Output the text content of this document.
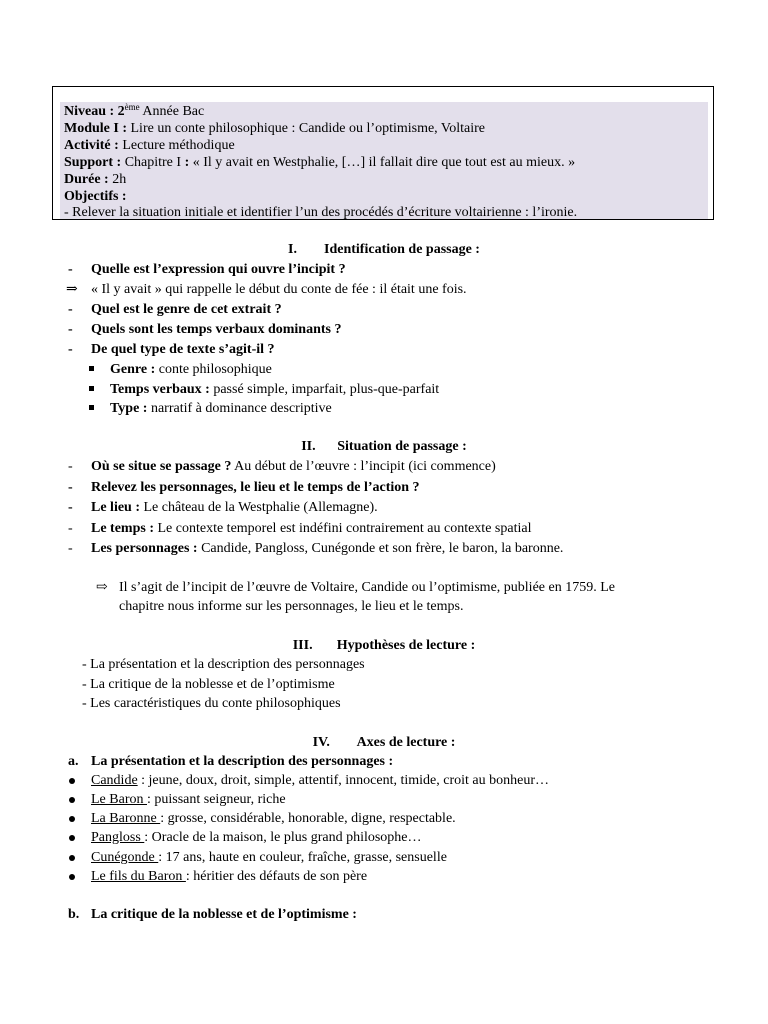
Niveau : 2ème Année Bac
Module I : Lire un conte philosophique : Candide ou l’optimisme, Voltaire
Activité : Lecture méthodique
Support : Chapitre I : « Il y avait en Westphalie, […] il fallait dire que tout est au mieux. »
Durée : 2h
Objectifs :
- Relever la situation initiale et identifier l’un des procédés d’écriture voltairienne : l’ironie.
I. Identification de passage :
- Quelle est l’expression qui ouvre l’incipit ?
⇒ « Il y avait » qui rappelle le début du conte de fée : il était une fois.
- Quel est le genre de cet extrait ?
- Quels sont les temps verbaux dominants ?
- De quel type de texte s’agit-il ?
Genre : conte philosophique
Temps verbaux : passé simple, imparfait, plus-que-parfait
Type : narratif à dominance descriptive
II. Situation de passage :
- Où se situe se passage ? Au début de l’œuvre : l’incipit (ici commence)
- Relevez les personnages, le lieu et le temps de l’action ?
- Le lieu : Le château de la Westphalie (Allemagne).
- Le temps : Le contexte temporel est indéfini contrairement au contexte spatial
- Les personnages : Candide, Pangloss, Cunégonde et son frère, le baron, la baronne.
⇨ Il s’agit de l’incipit de l’œuvre de Voltaire, Candide ou l’optimisme, publiée en 1759. Le
chapitre nous informe sur les personnages, le lieu et le temps.
III. Hypothèses de lecture :
- La présentation et la description des personnages
- La critique de la noblesse et de l’optimisme
- Les caractéristiques du conte philosophiques
IV. Axes de lecture :
a. La présentation et la description des personnages :
Candide : jeune, doux, droit, simple, attentif, innocent, timide, croit au bonheur…
Le Baron : puissant seigneur, riche
La Baronne : grosse, considérable, honorable, digne, respectable.
Pangloss : Oracle de la maison, le plus grand philosophe…
Cunégonde : 17 ans, haute en couleur, fraîche, grasse, sensuelle
Le fils du Baron : héritier des défauts de son père
b. La critique de la noblesse et de l’optimisme :
